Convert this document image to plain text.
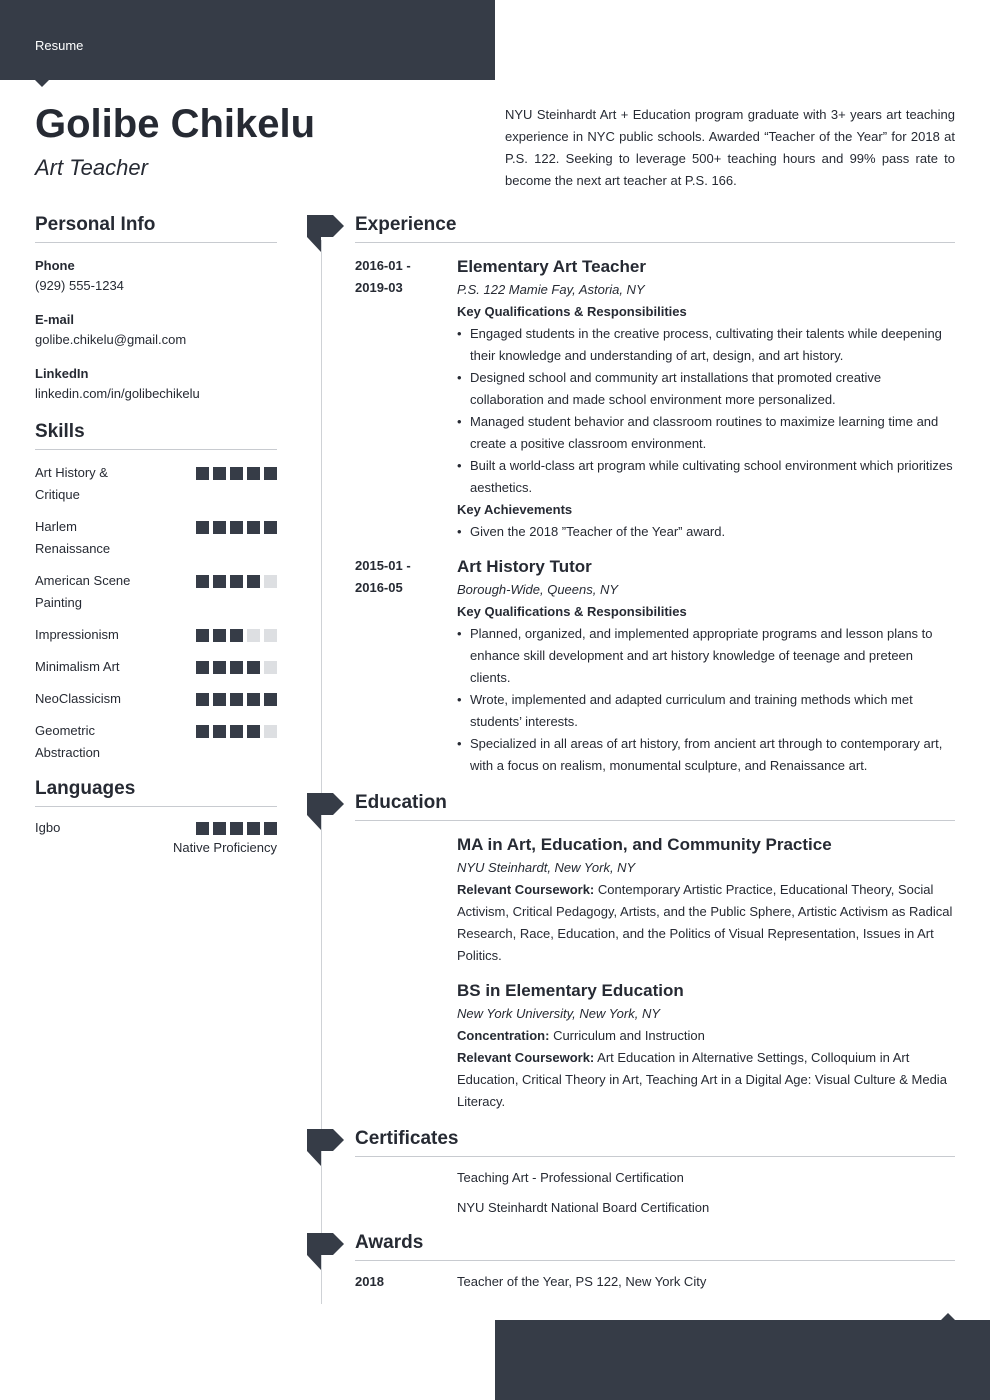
Resume
Golibe Chikelu
Art Teacher
NYU Steinhardt Art + Education program graduate with 3+ years art teaching experience in NYC public schools. Awarded “Teacher of the Year” for 2018 at P.S. 122. Seeking to leverage 500+ teaching hours and 99% pass rate to become the next art teacher at P.S. 166.
Personal Info
Phone
(929) 555-1234
E-mail
golibe.chikelu@gmail.com
LinkedIn
linkedin.com/in/golibechikelu
Skills
Art History & Critique
Harlem Renaissance
American Scene Painting
Impressionism
Minimalism Art
NeoClassicism
Geometric Abstraction
Languages
Igbo
Native Proficiency
Experience
2016-01 -
2019-03
Elementary Art Teacher
P.S. 122 Mamie Fay, Astoria, NY
Key Qualifications & Responsibilities
• Engaged students in the creative process, cultivating their talents while deepening their knowledge and understanding of art, design, and art history.
• Designed school and community art installations that promoted creative collaboration and made school environment more personalized.
• Managed student behavior and classroom routines to maximize learning time and create a positive classroom environment.
• Built a world-class art program while cultivating school environment which prioritizes aesthetics.
Key Achievements
• Given the 2018 ”Teacher of the Year” award.
2015-01 -
2016-05
Art History Tutor
Borough-Wide, Queens, NY
Key Qualifications & Responsibilities
• Planned, organized, and implemented appropriate programs and lesson plans to enhance skill development and art history knowledge of teenage and preteen clients.
• Wrote, implemented and adapted curriculum and training methods which met students’ interests.
• Specialized in all areas of art history, from ancient art through to contemporary art, with a focus on realism, monumental sculpture, and Renaissance art.
Education
MA in Art, Education, and Community Practice
NYU Steinhardt, New York, NY
Relevant Coursework: Contemporary Artistic Practice, Educational Theory, Social Activism, Critical Pedagogy, Artists, and the Public Sphere, Artistic Activism as Radical Research, Race, Education, and the Politics of Visual Representation, Issues in Art Politics.
BS in Elementary Education
New York University, New York, NY
Concentration: Curriculum and Instruction
Relevant Coursework: Art Education in Alternative Settings, Colloquium in Art Education, Critical Theory in Art, Teaching Art in a Digital Age: Visual Culture & Media Literacy.
Certificates
Teaching Art - Professional Certification
NYU Steinhardt National Board Certification
Awards
2018	Teacher of the Year, PS 122, New York City
